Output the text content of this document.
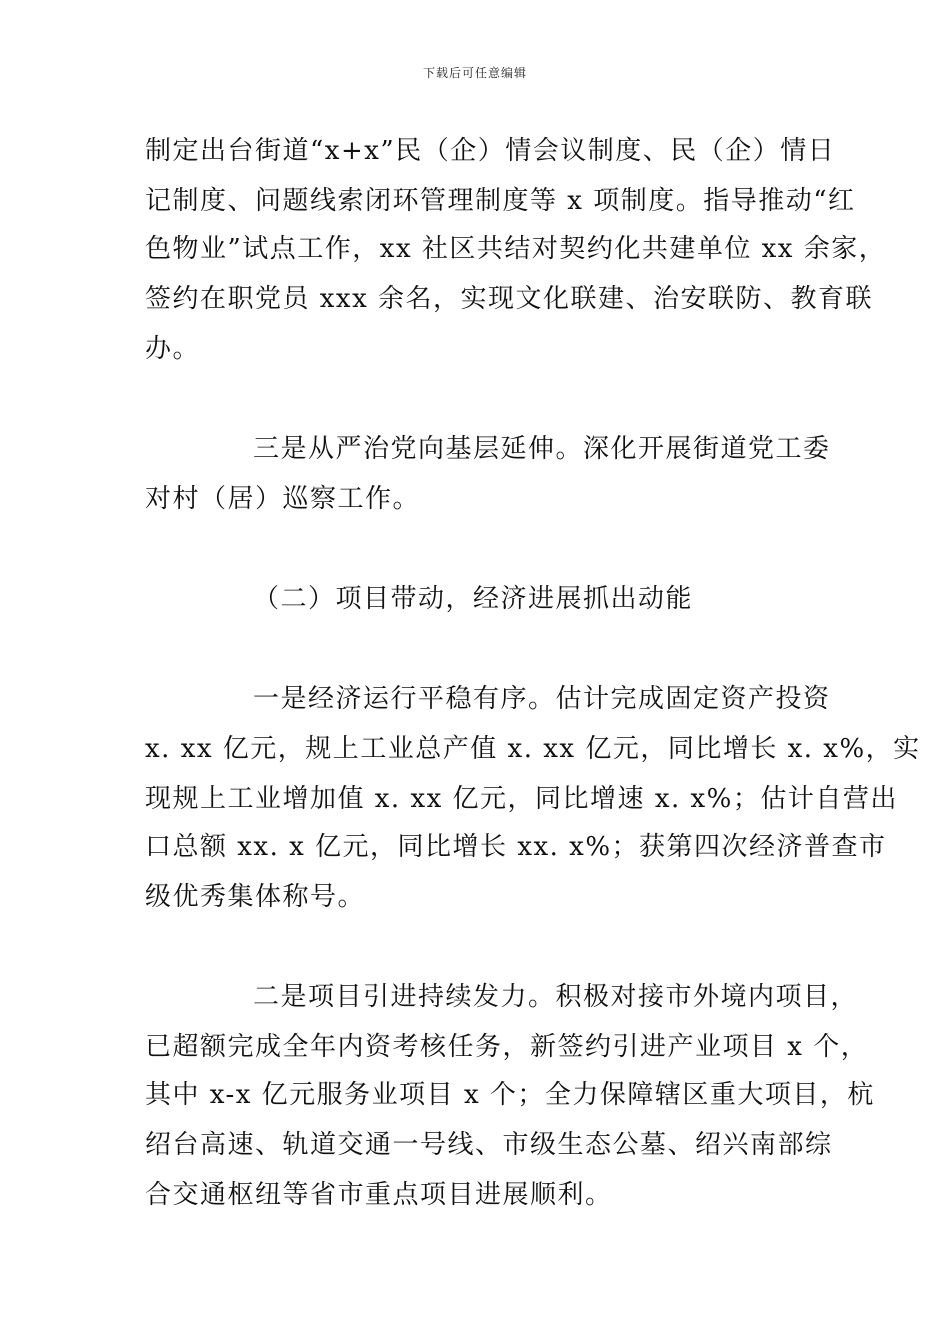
下载后可任意编辑
制定出台街道“x+x”民（企）情会议制度、民（企）情日
记制度、问题线索闭环管理制度等 x 项制度。指导推动“红
色物业”试点工作，xx 社区共结对契约化共建单位 xx 余家，
签约在职党员 xxx 余名，实现文化联建、治安联防、教育联
办。
三是从严治党向基层延伸。深化开展街道党工委
对村（居）巡察工作。
（二）项目带动，经济进展抓出动能
一是经济运行平稳有序。估计完成固定资产投资
x. xx 亿元，规上工业总产值 x. xx 亿元，同比增长 x. x%，实
现规上工业增加值 x. xx 亿元，同比增速 x. x%；估计自营出
口总额 xx. x 亿元，同比增长 xx. x%；获第四次经济普查市
级优秀集体称号。
二是项目引进持续发力。积极对接市外境内项目，
已超额完成全年内资考核任务，新签约引进产业项目 x 个，
其中 x-x 亿元服务业项目 x 个；全力保障辖区重大项目，杭
绍台高速、轨道交通一号线、市级生态公墓、绍兴南部综
合交通枢纽等省市重点项目进展顺利。
